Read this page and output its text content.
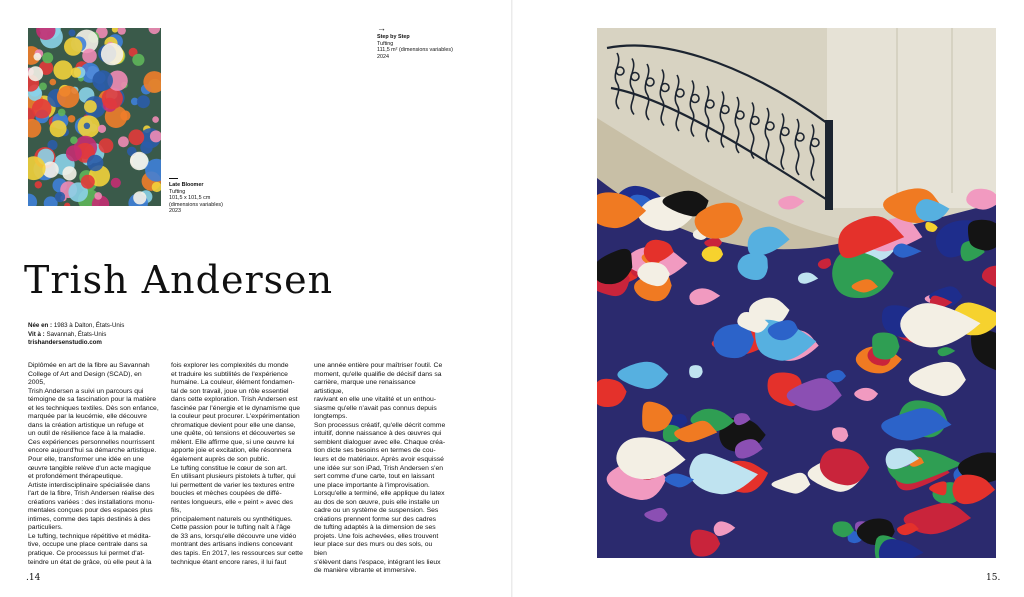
Late Bloomer
Tufting
101,5 x 101,5 cm (dimensions variables)
2023
Trish Andersen
Née en : 1983 à Dalton, États-Unis
Vit à : Savannah, États-Unis
trishandersenstudio.com
Diplômée en art de la fibre au Savannah
College of Art and Design (SCAD), en 2005,
Trish Andersen a suivi un parcours qui
témoigne de sa fascination pour la matière
et les techniques textiles. Dès son enfance,
marquée par la leucémie, elle découvre
dans la création artistique un refuge et
un outil de résilience face à la maladie.
Ces expériences personnelles nourrissent
encore aujourd'hui sa démarche artistique.
Pour elle, transformer une idée en une
œuvre tangible relève d'un acte magique
et profondément thérapeutique.
Artiste interdisciplinaire spécialisée dans
l'art de la fibre, Trish Andersen réalise des
créations variées : des installations monu-
mentales conçues pour des espaces plus
intimes, comme des tapis destinés à des
particuliers.
Le tufting, technique répétitive et médita-
tive, occupe une place centrale dans sa
pratique. Ce processus lui permet d'at-
teindre un état de grâce, où elle peut à la
fois explorer les complexités du monde
et traduire les subtilités de l'expérience
humaine. La couleur, élément fondamen-
tal de son travail, joue un rôle essentiel
dans cette exploration. Trish Andersen est
fascinée par l'énergie et le dynamisme que
la couleur peut procurer. L'expérimentation
chromatique devient pour elle une danse,
une quête, où tensions et découvertes se
mêlent. Elle affirme que, si une œuvre lui
apporte joie et excitation, elle résonnera
également auprès de son public.
Le tufting constitue le cœur de son art.
En utilisant plusieurs pistolets à tufter, qui
lui permettent de varier les textures entre
boucles et mèches coupées de diffé-
rentes longueurs, elle « peint » avec des fils,
principalement naturels ou synthétiques.
Cette passion pour le tufting naît à l'âge
de 33 ans, lorsqu'elle découvre une vidéo
montrant des artisans indiens concevant
des tapis. En 2017, les ressources sur cette
technique étant encore rares, il lui faut
une année entière pour maîtriser l'outil. Ce
moment, qu'elle qualifie de décisif dans sa
carrière, marque une renaissance artistique,
ravivant en elle une vitalité et un enthou-
siasme qu'elle n'avait pas connus depuis
longtemps.
Son processus créatif, qu'elle décrit comme
intuitif, donne naissance à des œuvres qui
semblent dialoguer avec elle. Chaque créa-
tion dicte ses besoins en termes de cou-
leurs et de matériaux. Après avoir esquissé
une idée sur son iPad, Trish Andersen s'en
sert comme d'une carte, tout en laissant
une place importante à l'improvisation.
Lorsqu'elle a terminé, elle applique du latex
au dos de son œuvre, puis elle installe un
cadre ou un système de suspension. Ses
créations prennent forme sur des cadres
de tufting adaptés à la dimension de ses
projets. Une fois achevées, elles trouvent
leur place sur des murs ou des sols, ou bien
s'élèvent dans l'espace, intégrant les lieux
de manière vibrante et immersive.
.14
→
Step by Step
Tufting
111,5 m² (dimensions variables)
2024
15.
